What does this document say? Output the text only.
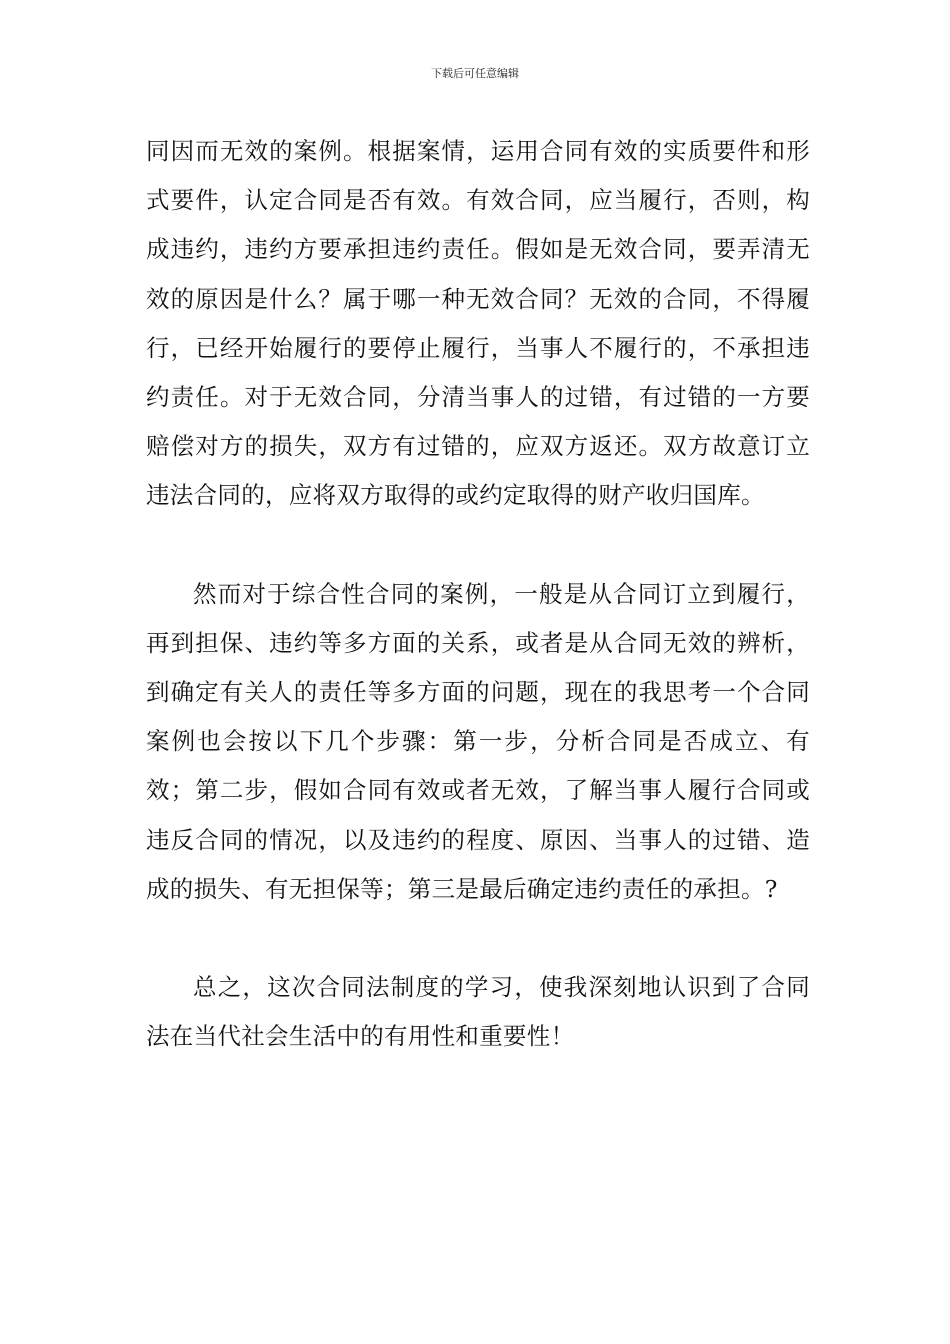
下载后可任意编辑

同因而无效的案例。根据案情，运用合同有效的实质要件和形式要件，认定合同是否有效。有效合同，应当履行，否则，构成违约，违约方要承担违约责任。假如是无效合同，要弄清无效的原因是什么？属于哪一种无效合同？无效的合同，不得履行，已经开始履行的要停止履行，当事人不履行的，不承担违约责任。对于无效合同，分清当事人的过错，有过错的一方要赔偿对方的损失，双方有过错的，应双方返还。双方故意订立违法合同的，应将双方取得的或约定取得的财产收归国库。

然而对于综合性合同的案例，一般是从合同订立到履行，再到担保、违约等多方面的关系，或者是从合同无效的辨析，到确定有关人的责任等多方面的问题，现在的我思考一个合同案例也会按以下几个步骤：第一步，分析合同是否成立、有效；第二步，假如合同有效或者无效，了解当事人履行合同或违反合同的情况，以及违约的程度、原因、当事人的过错、造成的损失、有无担保等；第三是最后确定违约责任的承担。?

总之，这次合同法制度的学习，使我深刻地认识到了合同法在当代社会生活中的有用性和重要性！
